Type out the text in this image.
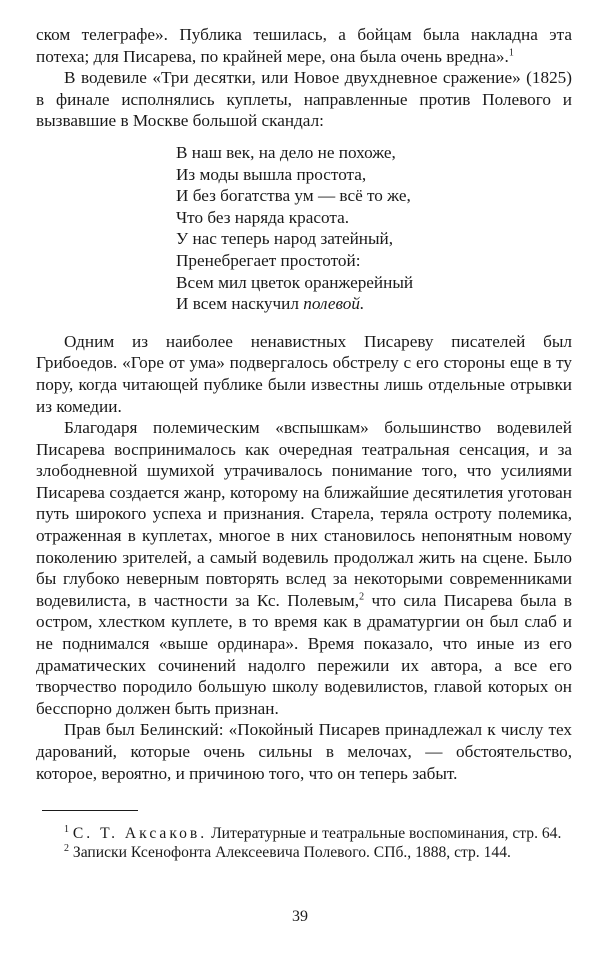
ском телеграфе». Публика тешилась, а бойцам была накладна эта потеха; для Писарева, по крайней мере, она была очень вредна».$^1$

В водевиле «Три десятки, или Новое двухдневное сражение» (1825) в финале исполнялись куплеты, направленные против Полевого и вызвавшие в Москве большой скандал:

В наш век, на дело не похоже,
Из моды вышла простота,
И без богатства ум — всё то же,
Что без наряда красота.
У нас теперь народ затейный,
Пренебрегает простотой:
Всем мил цветок оранжерейный
И всем наскучил полевой.

Одним из наиболее ненавистных Писареву писателей был Грибоедов. «Горе от ума» подвергалось обстрелу с его стороны еще в ту пору, когда читающей публике были известны лишь отдельные отрывки из комедии.

Благодаря полемическим «вспышкам» большинство водевилей Писарева воспринималось как очередная театральная сенсация, и за злободневной шумихой утрачивалось понимание того, что усилиями Писарева создается жанр, которому на ближайшие десятилетия уготован путь широкого успеха и признания. Старела, теряла остроту полемика, отраженная в куплетах, многое в них становилось непонятным новому поколению зрителей, а самый водевиль продолжал жить на сцене. Было бы глубоко неверным повторять вслед за некоторыми современниками водевилиста, в частности за Кс. Полевым,$^2$ что сила Писарева была в остром, хлестком куплете, в то время как в драматургии он был слаб и не поднимался «выше ординара». Время показало, что иные из его драматических сочинений надолго пережили их автора, а все его творчество породило большую школу водевилистов, главой которых он бесспорно должен быть признан.

Прав был Белинский: «Покойный Писарев принадлежал к числу тех дарований, которые очень сильны в мелочах, — обстоятельство, которое, вероятно, и причиною того, что он теперь забыт.

$^1$ С. Т. Аксаков. Литературные и театральные воспоминания, стр. 64.

$^2$ Записки Ксенофонта Алексеевича Полевого. СПб., 1888, стр. 144.

39
